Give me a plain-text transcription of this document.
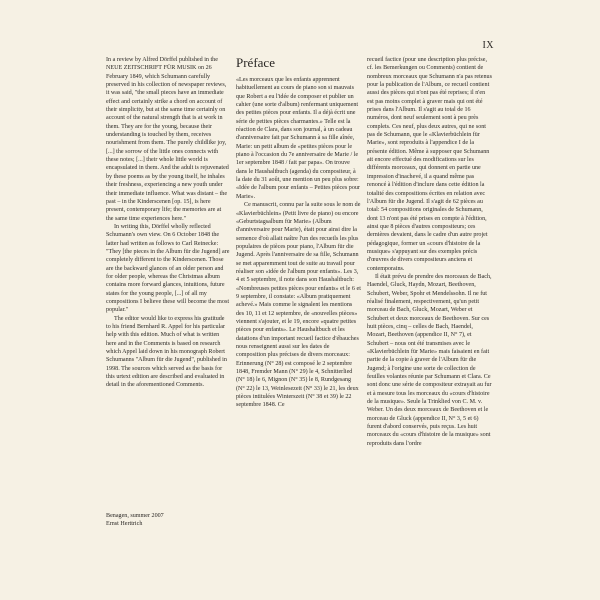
IX

In a review by Alfred Dörffel published in the NEUE ZEITSCHRIFT FÜR MUSIK on 26 February 1849, which Schumann carefully preserved in his collection of newspaper reviews, it was said, "the small pieces have an immediate effect and certainly strike a chord on account of their simplicity, but at the same time certainly on account of the natural strength that is at work in them. They are for the young, because their understanding is touched by them, receives nourishment from them. The purely childlike joy, [...] the sorrow of the little ones connects with these notes; [...] their whole little world is encapsulated in them. And the adult is rejuvenated by these poems as by the young itself, he inhales their freshness, experiencing a new youth under their immediate influence. What was distant – the past – in the Kinderscenen [op. 15], is here present, contemporary life; the memories are at the same time experiences here."

In writing this, Dörffel wholly reflected Schumann's own view. On 6 October 1848 the latter had written as follows to Carl Reinecke: "They [the pieces in the Album für die Jugend] are completely different to the Kinderscenen. Those are the backward glances of an older person and for older people, whereas the Christmas album contains more forward glances, intuitions, future states for the young people, [...] of all my compositions I believe these will become the most popular."

The editor would like to express his gratitude to his friend Bernhard R. Appel for his particular help with this edition. Much of what is written here and in the Comments is based on research which Appel laid down in his monograph Robert Schumanns "Album für die Jugend", published in 1998. The sources which served as the basis for this urtext edition are described and evaluated in detail in the aforementioned Comments.

Benagen, summer 2007
Ernst Herttrich
Préface

«Les morceaux que les enfants apprennent habituellement au cours de piano son si mauvais que Robert a eu l'idée de composer et publier un cahier (une sorte d'album) renfermant uniquement des petites pièces pour enfants. Il a déjà écrit une série de petites pièces charmantes.» Telle est la réaction de Clara, dans son journal, à un cadeau d'anniversaire fait par Schumann à sa fille aînée, Marie: un petit album de «petites pièces pour le piano à l'occasion du 7e anniversaire de Marie / le 1er septembre 1848 / fait par papa». On trouve dans le Haushaltbuch (agenda) du compositeur, à la date du 31 août, une mention un peu plus sobre: «Idée de l'album pour enfants – Petites pièces pour Marie».

Ce manuscrit, connu par la suite sous le nom de «Klavierbüchlein» (Petit livre de piano) ou encore «Geburtstagsalbum für Marie» (Album d'anniversaire pour Marie), était pour ainsi dire la semence d'où allait naître l'un des recueils les plus populaires de pièces pour piano, l'Album für die Jugend. Après l'anniversaire de sa fille, Schumann se met apparemment tout de suite au travail pour réaliser son «idée de l'album pour enfants». Les 3, 4 et 5 septembre, il note dans son Haushaltbuch: «Nombreuses petites pièces pour enfants» et le 6 et 9 septembre, il constate: «Album pratiquement achevé.» Mais comme le signalent les mentions des 10, 11 et 12 septembre, de «nouvelles pièces» viennent s'ajouter, et le 19, encore «quatre petites pièces pour enfants». Le Haushaltbuch et les datations d'un important recueil factice d'ébauches nous renseignent aussi sur les dates de composition plus précises de divers morceaux: Erinnerung (N° 28) est composé le 2 septembre 1848, Fremder Mann (N° 29) le 4, Schnitterlied (N° 18) le 6, Mignon (N° 35) le 8, Rundgesang (N° 22) le 13, Weinlesezeit (N° 33) le 21, les deux pièces intitulées Winterszeit (N° 38 et 39) le 22 septembre 1848. Ce

recueil factice (pour une description plus précise, cf. les Bemerkungen ou Comments) contient de nombreux morceaux que Schumann n'a pas retenus pour la publication de l'Album, ce recueil contient aussi des pièces qui n'ont pas été reprises; il n'en est pas moins complet à graver mais qui ont été prises dans l'Album. Il s'agit au total de 16 numéros, dont neuf seulement sont à peu près complets. Ces neuf, plus deux autres, qui ne sont pas de Schumann, que le «Klavierbüchlein für Marie», sont reproduits à l'appendice I de la présente édition. Même à supposer que Schumann ait encore effectué des modifications sur les différents morceaux, qui donnent en partie une impression d'inachevé, il a quand même pas renoncé à l'édition d'inclure dans cette édition la totalité des compositions écrites en relation avec l'Album für die Jugend. Il s'agit de 62 pièces au total: 54 compositions originales de Schumann, dont 13 n'ont pas été prises en compte à l'édition, ainsi que 8 pièces d'autres compositeurs; ces dernières devaient, dans le cadre d'un autre projet pédagogique, former un «cours d'histoire de la musique» s'appuyant sur des exemples précis d'œuvres de divers compositeurs anciens et contemporains.

Il était prévu de prendre des morceaux de Bach, Haendel, Gluck, Haydn, Mozart, Beethoven, Schubert, Weber, Spohr et Mendelssohn. Il ne fut réalisé finalement, respectivement, qu'un petit morceau de Bach, Gluck, Mozart, Weber et Schubert et deux morceaux de Beethoven. Sur ces huit pièces, cinq – celles de Bach, Haendel, Mozart, Beethoven (appendice II, N° 7), et Schubert – nous ont été transmises avec le «Klavierbüchlein für Marie» mais faisaient en fait partie de la copie à graver de l'Album für die Jugend; à l'origine une sorte de collection de feuilles volantes réunie par Schumann et Clara. Ce sont donc une série de compositeur extrayait au fur et à mesure tous les morceaux du «cours d'histoire de la musique». Seule la Trinklied von C. M. v. Weber. Un des deux morceaux de Beethoven et le morceau de Gluck (appendice II, N° 3, 5 et 6) furent d'abord conservés, puis reçus. Les huit morceaux du «cours d'histoire de la musique» sont reproduits dans l'ordre
